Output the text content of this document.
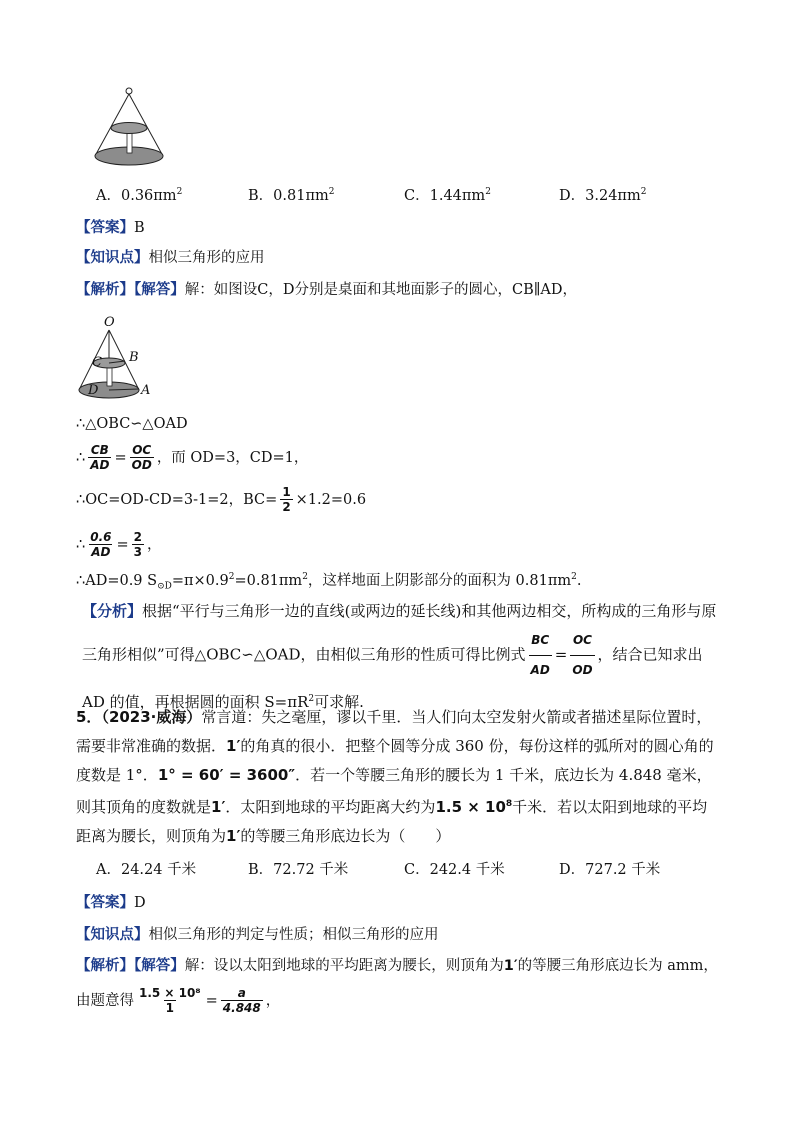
A．$0.36\pi m^2$	B．$0.81\pi m^2$	C．$1.44\pi m^2$	D．$3.24\pi m^2$
【答案】B
【知识点】相似三角形的应用
【解析】【解答】解：如图设C，D分别是桌面和其地面影子的圆心，CB∥AD，
O
C B
D	A
∴△OBC∽△OAD
∴ $\frac{CB}{AD} = \frac{OC}{OD}$ ，而 OD=3，CD=1，
∴OC=OD-CD=3-1=2，$BC= \frac{1}{2} \times 1.2=0.6$
∴ $\frac{0.6}{AD} = \frac{2}{3}$ ，
∴AD=0.9 $S_{⊙D}=\pi\times 0.9^2=0.81\pi m^2$，这样地面上阴影部分的面积为 $0.81\pi m^2$.
【分析】根据“平行与三角形一边的直线(或两边的延长线)和其他两边相交，所构成的三角形与原三角形相似”可得△OBC∽△OAD，由相似三角形的性质可得比例式 $\frac{BC}{AD} = \frac{OC}{OD}$ ，结合已知求出AD 的值，再根据圆的面积 $S=\pi R^2$可求解.
5．（2023·威海）常言道：失之毫厘，谬以千里．当人们向太空发射火箭或者描述星际位置时，需要非常准确的数据．1′的角真的很小．把整个圆等分成 360 份，每份这样的弧所对的圆心角的度数是 1°．1° = 60′ = 3600″．若一个等腰三角形的腰长为 1 千米，底边长为 4.848 毫米，则其顶角的度数就是1′．太阳到地球的平均距离大约为$1.5 \times 10^8$千米．若以太阳到地球的平均距离为腰长，则顶角为1′的等腰三角形底边长为（　　）
A．24.24 千米	B．72.72 千米	C．242.4 千米	D．727.2 千米
【答案】D
【知识点】相似三角形的判定与性质；相似三角形的应用
【解析】【解答】解：设以太阳到地球的平均距离为腰长，则顶角为1′的等腰三角形底边长为 amm，
由题意得 $\frac{\text{1.5 × 10⁸}}{1} = \frac{a}{4.848}$ ，
